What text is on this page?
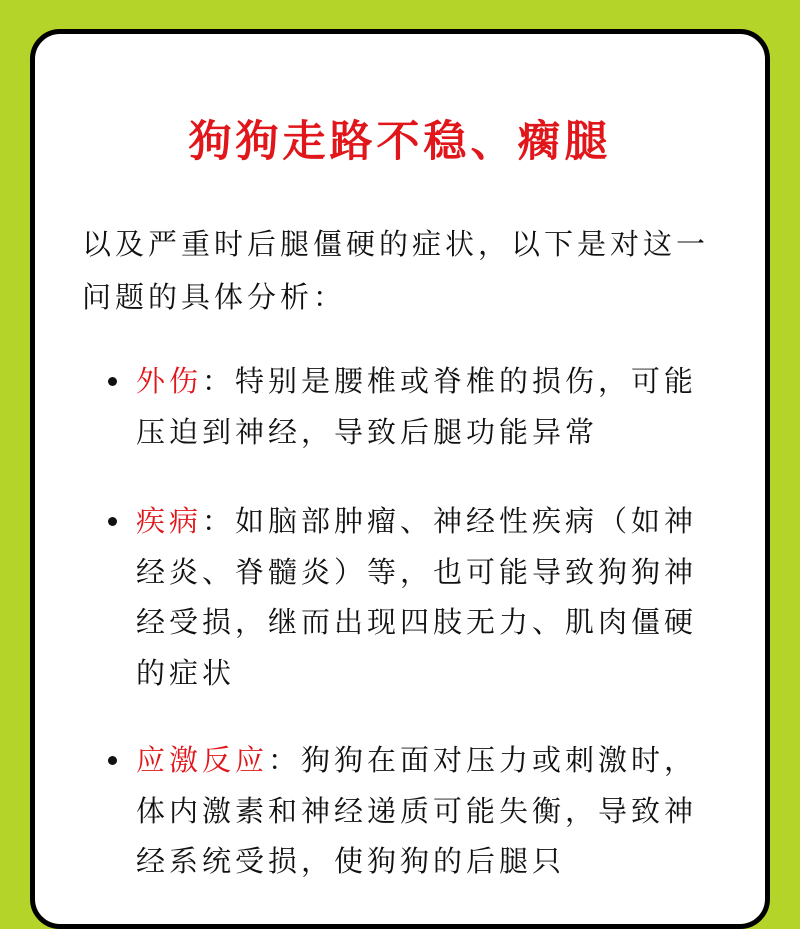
狗狗走路不稳、瘸腿

以及严重时后腿僵硬的症状，以下是对这一问题的具体分析：

外伤：特别是腰椎或脊椎的损伤，可能压迫到神经，导致后腿功能异常
疾病：如脑部肿瘤、神经性疾病（如神经炎、脊髓炎）等，也可能导致狗狗神经受损，继而出现四肢无力、肌肉僵硬的症状
应激反应：狗狗在面对压力或刺激时，体内激素和神经递质可能失衡，导致神经系统受损，使狗狗的后腿只
